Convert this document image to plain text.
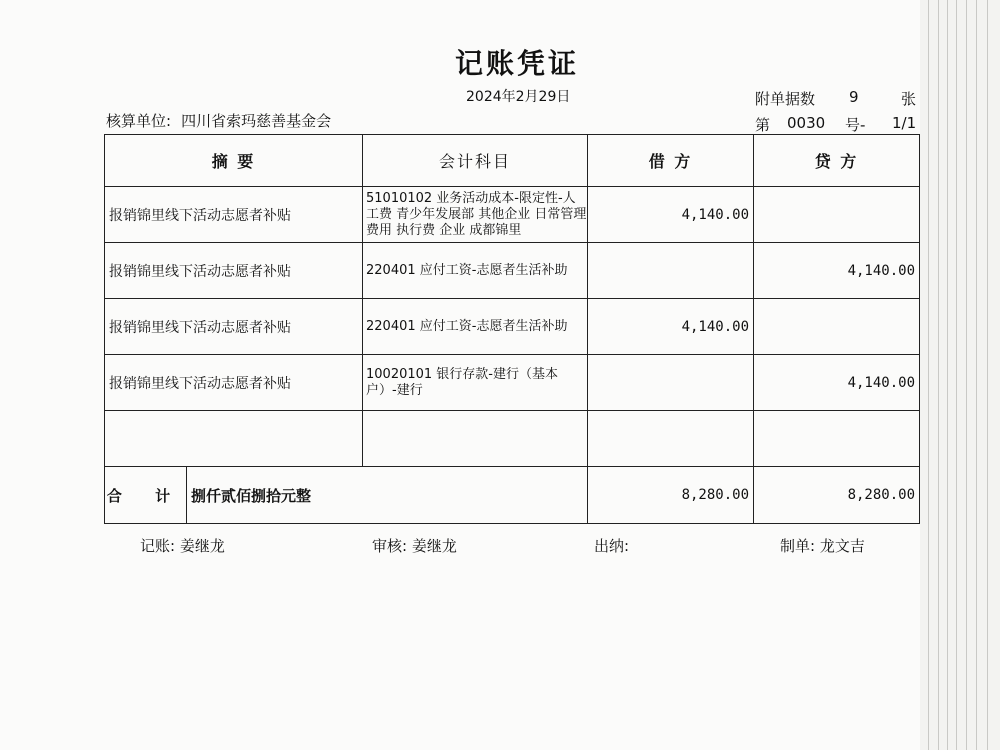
记账凭证
2024年2月29日
核算单位: 四川省索玛慈善基金会
附单据数 9	张
第 0030 号- 1/1
摘 要		会计科目	借 方	贷 方
报销锦里线下活动志愿者补贴		51010102 业务活动成本-限定性-人工费 青少年发展部 其他企业 日常管理费用 执行费 企业 成都锦里	4,140.00	
报销锦里线下活动志愿者补贴		220401 应付工资-志愿者生活补助		4,140.00
报销锦里线下活动志愿者补贴		220401 应付工资-志愿者生活补助	4,140.00	
报销锦里线下活动志愿者补贴		10020101 银行存款-建行（基本户）-建行		4,140.00

合 计	捌仟贰佰捌拾元整		8,280.00	8,280.00
记账: 姜继龙	审核: 姜继龙	出纳:	制单: 龙文吉
